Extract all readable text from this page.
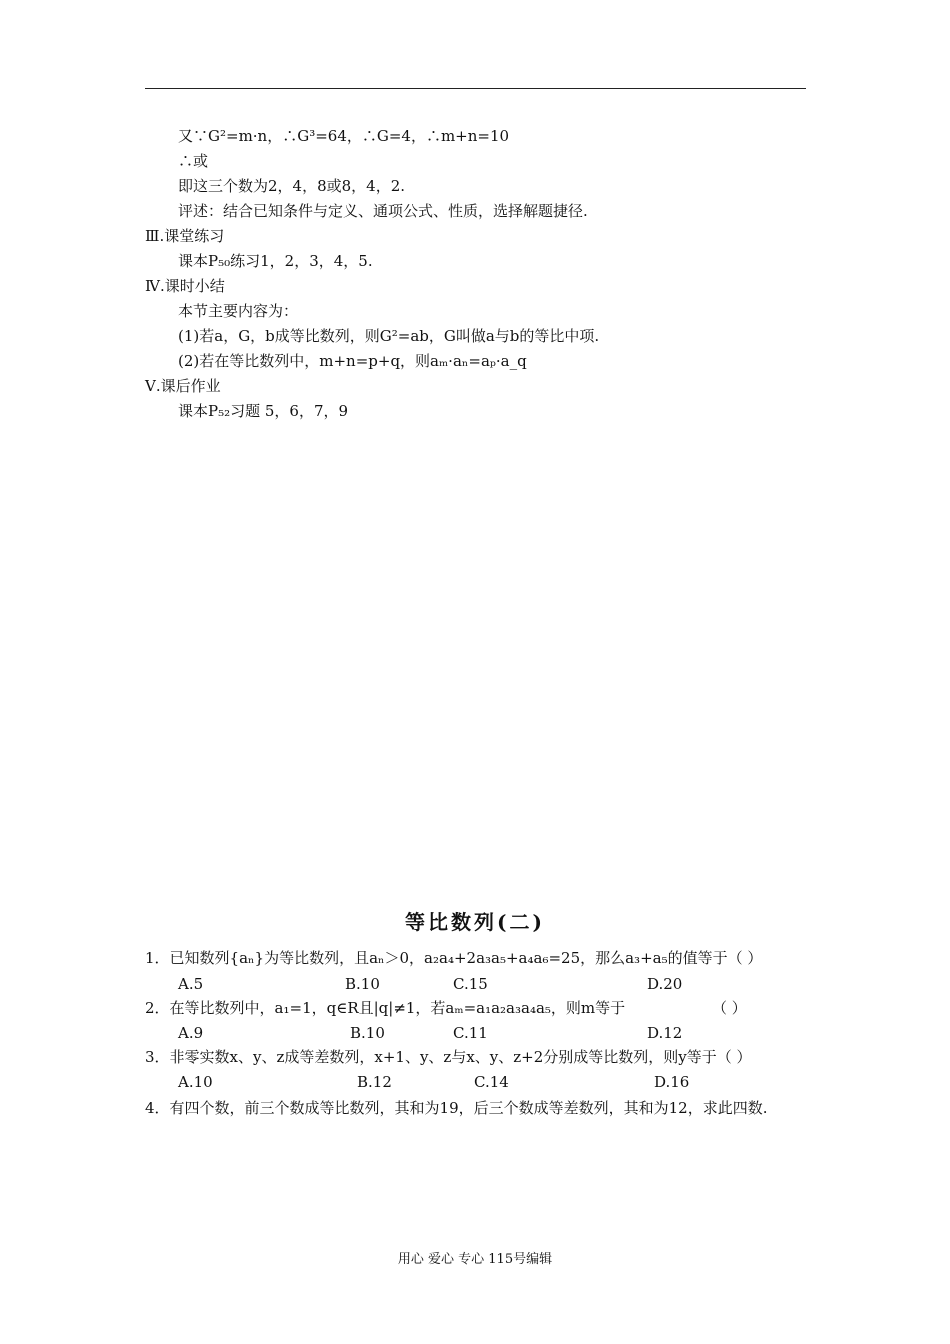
又∵G²=m·n，∴G³=64，∴G=4，∴m+n=10
∴或
即这三个数为2，4，8或8，4，2.
评述：结合已知条件与定义、通项公式、性质，选择解题捷径.
Ⅲ.课堂练习
课本P₅₀练习1，2，3，4，5.
Ⅳ.课时小结
本节主要内容为：
(1)若a，G，b成等比数列，则G²=ab，G叫做a与b的等比中项.
(2)若在等比数列中，m+n=p+q，则aₘ·aₙ=aₚ·a_q
Ⅴ.课后作业
课本P₅₂习题 5，6，7，9
等比数列(二)
1．已知数列{aₙ}为等比数列，且aₙ＞0，a₂a₄+2a₃a₅+a₄a₆=25，那么a₃+a₅的值等于（ ）
A.5	B.10	C.15	D.20
2．在等比数列中，a₁=1，q∈R且|q|≠1，若aₘ=a₁a₂a₃a₄a₅，则m等于	（ ）
A.9	B.10	C.11	D.12
3．非零实数x、y、z成等差数列，x+1、y、z与x、y、z+2分别成等比数列，则y等于（ ）
A.10	B.12	C.14	D.16
4．有四个数，前三个数成等比数列，其和为19，后三个数成等差数列，其和为12，求此四数.
用心 爱心 专心 115号编辑
